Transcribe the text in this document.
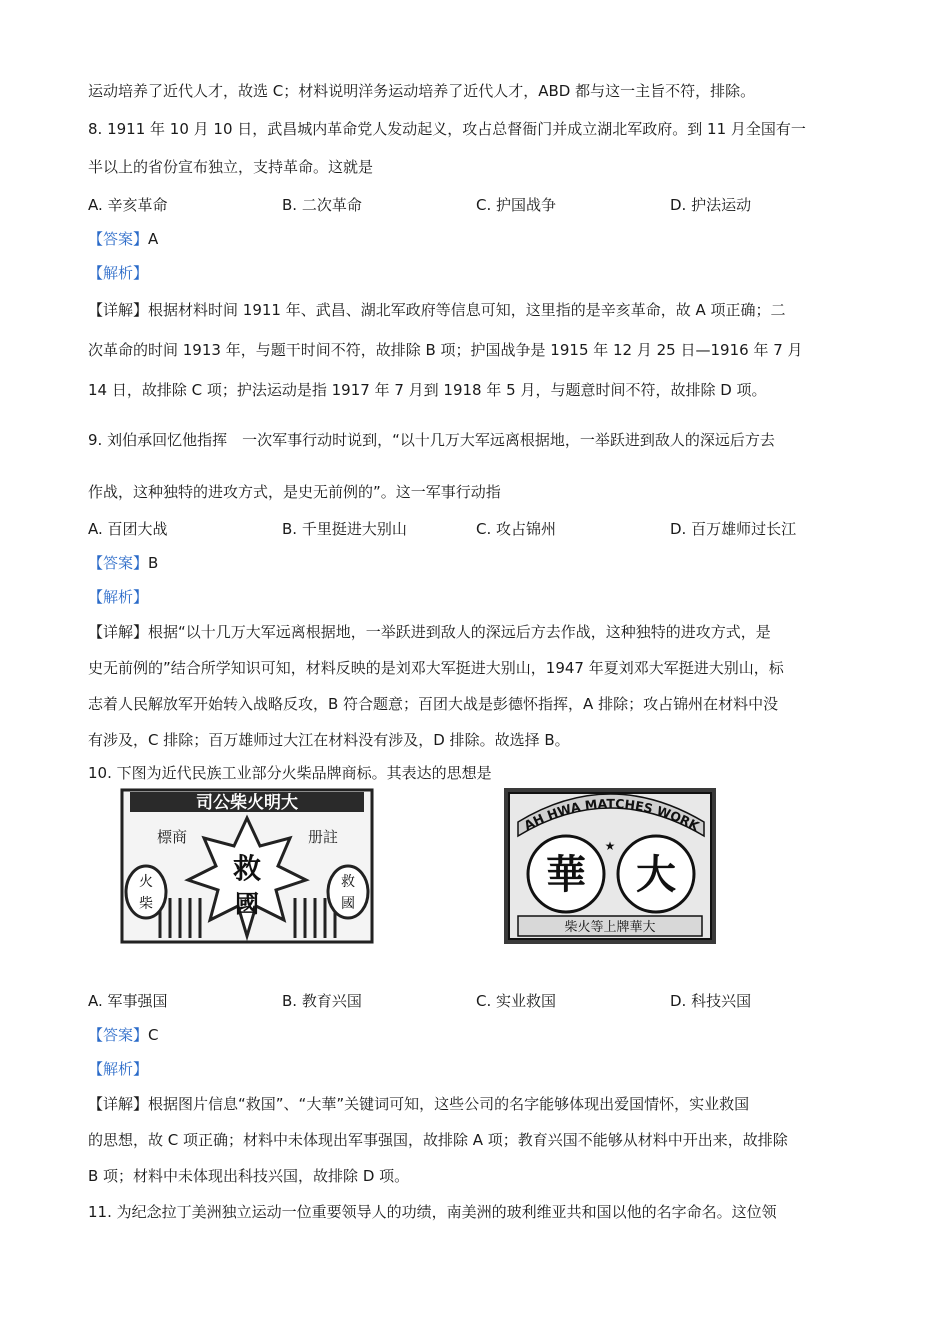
运动培养了近代人才，故选 C；材料说明洋务运动培养了近代人才，ABD 都与这一主旨不符，排除。

8. 1911 年 10 月 10 日，武昌城内革命党人发动起义，攻占总督衙门并成立湖北军政府。到 11 月全国有一

半以上的省份宣布独立，支持革命。这就是

A. 辛亥革命	B. 二次革命	C. 护国战争	D. 护法运动

【答案】A

【解析】

【详解】根据材料时间 1911 年、武昌、湖北军政府等信息可知，这里指的是辛亥革命，故 A 项正确；二

次革命的时间 1913 年，与题干时间不符，故排除 B 项；护国战争是 1915 年 12 月 25 日—1916 年 7 月

14 日，故排除 C 项；护法运动是指 1917 年 7 月到 1918 年 5 月，与题意时间不符，故排除 D 项。

9. 刘伯承回忆他指挥　一次军事行动时说到，“以十几万大军远离根据地，一举跃进到敌人的深远后方去

作战，这种独特的进攻方式，是史无前例的”。这一军事行动指

A. 百团大战	B. 千里挺进大别山	C. 攻占锦州	D. 百万雄师过长江

【答案】B

【解析】

【详解】根据“以十几万大军远离根据地，一举跃进到敌人的深远后方去作战，这种独特的进攻方式，是

史无前例的”结合所学知识可知，材料反映的是刘邓大军挺进大别山，1947 年夏刘邓大军挺进大别山，标

志着人民解放军开始转入战略反攻，B 符合题意；百团大战是彭德怀指挥，A 排除；攻占锦州在材料中没

有涉及，C 排除；百万雄师过大江在材料没有涉及，D 排除。故选择 B。

10. 下图为近代民族工业部分火柴品牌商标。其表达的思想是

司公柴火明大
標商	册註
救
國
火
柴
救
國
AH HWA MATCHES WORK
華 大
★
柴火等上牌華大
A. 军事强国	B. 教育兴国	C. 实业救国	D. 科技兴国

【答案】C

【解析】

【详解】根据图片信息“救国”、“大華”关键词可知，这些公司的名字能够体现出爱国情怀，实业救国

的思想，故 C 项正确；材料中未体现出军事强国，故排除 A 项；教育兴国不能够从材料中开出来，故排除

B 项；材料中未体现出科技兴国，故排除 D 项。

11. 为纪念拉丁美洲独立运动一位重要领导人的功绩，南美洲的玻利维亚共和国以他的名字命名。这位领
